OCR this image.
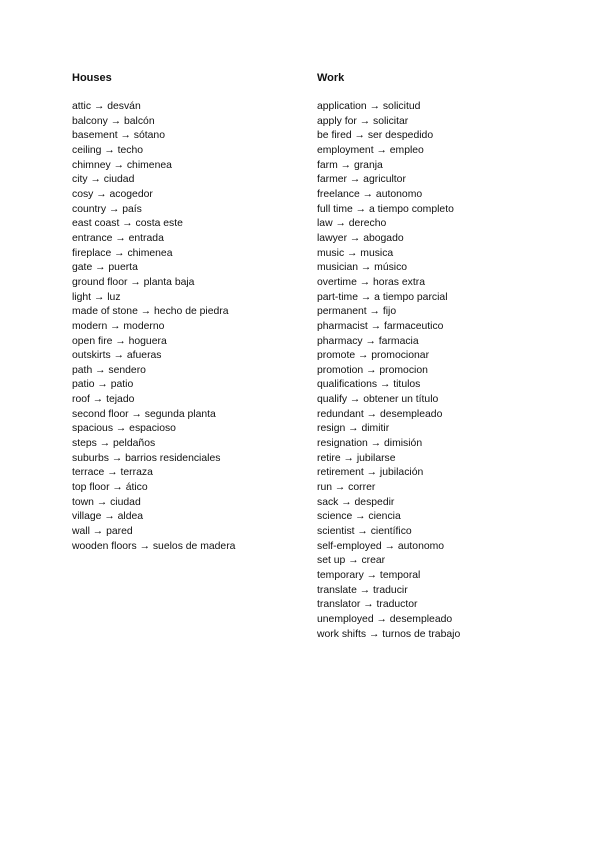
Houses
attic → desván
balcony → balcón
basement → sótano
ceiling → techo
chimney → chimenea
city → ciudad
cosy → acogedor
country → país
east coast → costa este
entrance → entrada
fireplace → chimenea
gate → puerta
ground floor → planta baja
light → luz
made of stone → hecho de piedra
modern → moderno
open fire → hoguera
outskirts → afueras
path → sendero
patio → patio
roof → tejado
second floor → segunda planta
spacious → espacioso
steps → peldaños
suburbs → barrios residenciales
terrace → terraza
top floor → ático
town → ciudad
village → aldea
wall → pared
wooden floors → suelos de madera
Work
application → solicitud
apply for → solicitar
be fired → ser despedido
employment → empleo
farm → granja
farmer → agricultor
freelance → autonomo
full time → a tiempo completo
law → derecho
lawyer → abogado
music → musica
musician → músico
overtime → horas extra
part-time → a tiempo parcial
permanent → fijo
pharmacist → farmaceutico
pharmacy → farmacia
promote → promocionar
promotion → promocion
qualifications → titulos
qualify → obtener un título
redundant → desempleado
resign → dimitir
resignation → dimisión
retire → jubilarse
retirement → jubilación
run → correr
sack → despedir
science → ciencia
scientist → científico
self-employed → autonomo
set up → crear
temporary → temporal
translate → traducir
translator → traductor
unemployed → desempleado
work shifts → turnos de trabajo
